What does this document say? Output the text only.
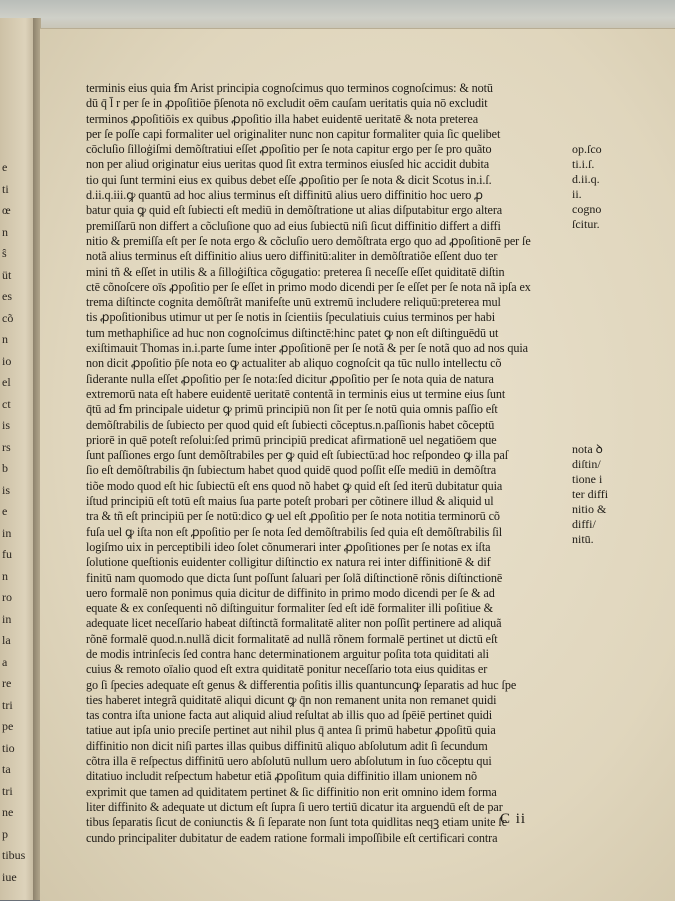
e
ti
œ
n
ŝ
üt
es
cõ
n
io
el
ct
is
rs
b
is
e
in
fu
n
ro
in
la
a
re
tri
pe
tio
ta
tri
ne
p
tibus
iue
terminis eius quia ẜm Arist principia cognoſcimus quo terminos cognoſcimus: & notū
dū q̄ l̄ r per ſe in ꝓpoſitiōe p̄ſenota nō excludit oēm cauſam ueritatis quia nō excludit
terminos ꝓpoſitiōis ex quibus ꝓpoſitio illa habet euidentē ueritatē & nota preterea
per ſe poſſe capi formaliter uel originaliter nunc non capitur formaliter quia ſic quelibet
cōcluſio ſilloġiſmi demõſtratiui eſſet ꝓpoſitio per ſe nota capitur ergo per ſe pro quãto
non per aliud originatur eius ueritas quod ſit extra terminos eiusſed hic accidit dubita
tio qui ſunt termini eius ex quibus debet eſſe ꝓpoſitio per ſe nota & dicit Scotus in.i.ſ.
d.ii.q.iii.ꝙ quantū ad hoc alius terminus eſt diffinitū alius uero diffinitio hoc uero ꝓ
batur quia ꝙ quid eſt ſubiecti eſt mediū in demõſtratione ut alias diſputabitur ergo altera
premiſſarū non differt a cõcluſione quo ad eius ſubiectū niſi ſicut diffinitio differt a diffi
nitio & premiſſa eſt per ſe nota ergo & cõcluſio uero demõſtrata ergo quo ad ꝓpoſitionē per ſe
notã alius terminus eſt diffinitio alius uero diffinitū:aliter in demõſtratiõe eſſent duo ter
mini tñ & eſſet in utilis & a ſilloġiſtica cõgugatio: preterea ſi neceſſe eſſet quiditatē diſtin
ctē cõnoſcere oīs ꝓpoſitio per ſe eſſet in primo modo dicendi per ſe eſſet per ſe nota nã ipſa ex
trema diſtincte cognita demõſtrãt manifeſte unū extremū includere reliquū:preterea mul
tis ꝓpoſitionibus utimur ut per ſe notis in ſcientiis ſpeculatiuis cuius terminos per habi
tum methaphiſice ad huc non cognoſcimus diſtinctē:hinc patet ꝙ non eſt diſtinguēdū ut
exiſtimauit Thomas in.i.parte ſume inter ꝓpoſitionē per ſe notã & per ſe notã quo ad nos quia
non dicit ꝓpoſitio p̄ſe nota eo ꝙ actualiter ab aliquo cognoſcit qa tūc nullo intellectu cõ
ſiderante nulla eſſet ꝓpoſitio per ſe nota:ſed dicitur ꝓpoſitio per ſe nota quia de natura
extremorū nata eſt habere euidentē ueritatē contentã in terminis eius ut termine eius ſunt
q̄tū ad ẜm principale uidetur ꝙ primū principiū non ſit per ſe notū quia omnis paſſio eſt
demõſtrabilis de ſubiecto per quod quid eſt ſubiecti cõceptus.n.paſſionis habet cõceptū
priorē in quē poteſt reſolui:ſed primū principiū predicat afirmationē uel negatiōem que
ſunt paſſiones ergo ſunt demõſtrabiles per ꝙ quid eſt ſubiectū:ad hoc reſpondeo ꝙ illa paſ
ſio eſt demõſtrabilis q̄n ſubiectum habet quod quidē quod poſſit eſſe mediū in demõſtra
tiõe modo quod eſt hic ſubiectū eſt ens quod nõ habet ꝙ quid eſt ſed iterū dubitatur quia
iſtud principiū eſt totū eſt maius ſua parte poteſt probari per cõtinere illud & aliquid ul
tra & tñ eſt principiū per ſe notū:dico ꝙ uel eſt ꝓpoſitio per ſe nota notitia terminorū cõ
fuſa uel ꝙ iſta non eſt ꝓpoſitio per ſe nota ſed demõſtrabilis ſed quia eſt demõſtrabilis ſil
logiſmo uix in perceptibili ideo ſolet cõnumerari inter ꝓpoſitiones per ſe notas ex iſta
ſolutione queſtionis euidenter colligitur diſtinctio ex natura rei inter diffinitionē & dif
finitū nam quomodo que dicta ſunt poſſunt ſaluari per ſolã diſtinctionē rõnis diſtinctionē
uero formalē non ponimus quia dicitur de diffinito in primo modo dicendi per ſe & ad
equate & ex conſequenti nõ diſtinguitur formaliter ſed eſt idē formaliter illi poſitiue &
adequate licet neceſſario habeat diſtinctã formalitatē aliter non poſſit pertinere ad aliquã
rõnē formalē quod.n.nullã dicit formalitatē ad nullã rõnem formalē pertinet ut dictū eſt
de modis intrinſecis ſed contra hanc determinationem arguitur poſita tota quiditati ali
cuius & remoto oīalio quod eſt extra quiditatē ponitur neceſſario tota eius quiditas er
go ſi ſpecies adequate eſt genus & differentia poſitis illis quantuncunꝙ ſeparatis ad huc ſpe
ties haberet integrã quiditatē aliqui dicunt ꝙ q̄n non remanent unita non remanet quidi
tas contra iſta unione facta aut aliquid aliud reſultat ab illis quo ad ſpēiē pertinet quidi
tatiue aut ipſa unio preciſe pertinet aut nihil plus q̄ antea ſi primū habetur ꝓpoſitū quia
diffinitio non dicit niſi partes illas quibus diffinitū aliquo abſolutum adit ſi ſecundum
cõtra illa ē reſpectus diffinitū uero abſolutū nullum uero abſolutum in ſuo cõceptu qui
ditatiuo includit reſpectum habetur etiã ꝓpoſitum quia diffinitio illam unionem nõ
exprimit que tamen ad quiditatem pertinet & ſic diffinitio non erit omnino idem forma
liter diffinito & adequate ut dictum eſt ſupra ſi uero tertiū dicatur ita arguendū eſt de par
tibus ſeparatis ſicut de coniunctis & ſi ſeparate non ſunt tota quidlitas neqꝫ etiam unite ſe
cundo principaliter dubitatur de eadem ratione formali impoſſibile eſt certificari contra
op.ſco
ti.i.ſ.
d.ii.q.
ii.
cogno
ſcitur.
nota ꝺ
diſtin/
tione i
ter diffi
nitio &
diffi/
nitū.
C ii
